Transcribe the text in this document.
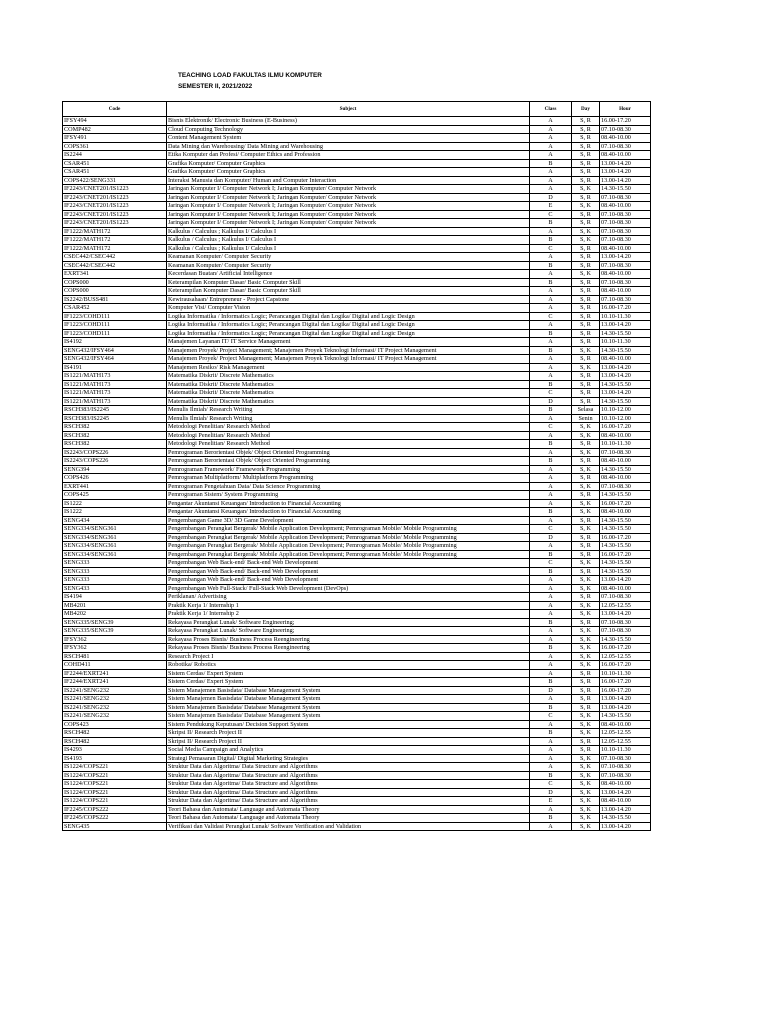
TEACHING LOAD FAKULTAS ILMU KOMPUTER
SEMESTER II, 2021/2022
Code	Subject	Class	Day	Hour
IFSY494	Bisnis Elektronik/ Electronic Business (E-Business)	A	S, R	16.00-17.20
COMP482	Cloud Computing Technology	A	S, R	07.10-08.30
IFSY491	Content Management System	A	S, R	08.40-10.00
COPS361	Data Mining dan Warehousing/ Data Mining and Warehousing	A	S, R	07.10-08.30
IS2244	Etika Komputer dan Profesi/ Computer Ethics and Profession	A	S, R	08.40-10.00
CSAR451	Grafika Komputer/ Computer Graphics	B	S, R	13.00-14.20
CSAR451	Grafika Komputer/ Computer Graphics	A	S, R	13.00-14.20
COPS422/SENG331	Interaksi Manusia dan Komputer/ Human and Computer Interaction	A	S, R	13.00-14.20
IF2243/CNET201/IS1223	Jaringan Komputer I/ Computer Network I; Jaringan Komputer/ Computer Network	A	S, K	14.30-15.50
IF2243/CNET201/IS1223	Jaringan Komputer I/ Computer Network I; Jaringan Komputer/ Computer Network	D	S, R	07.10-08.30
IF2243/CNET201/IS1223	Jaringan Komputer I/ Computer Network I; Jaringan Komputer/ Computer Network	E	S, K	08.40-10.00
IF2243/CNET201/IS1223	Jaringan Komputer I/ Computer Network I; Jaringan Komputer/ Computer Network	C	S, R	07.10-08.30
IF2243/CNET201/IS1223	Jaringan Komputer I/ Computer Network I; Jaringan Komputer/ Computer Network	B	S, R	07.10-08.30
IF1222/MATH172	Kalkulus / Calculus ; Kalkulus I/ Calculus I	A	S, K	07.10-08.30
IF1222/MATH172	Kalkulus / Calculus ; Kalkulus I/ Calculus I	B	S, K	07.10-08.30
IF1222/MATH172	Kalkulus / Calculus ; Kalkulus I/ Calculus I	C	S, R	08.40-10.00
CSEC442/CSEC442	Keamanan Komputer/ Computer Security	A	S, R	13.00-14.20
CSEC442/CSEC442	Keamanan Komputer/ Computer Security	B	S, R	07.10-08.30
EXRT341	Kecerdasan Buatan/ Artificial Intelligence	A	S, K	08.40-10.00
COPS000	Keterampilan Komputer Dasar/ Basic Computer Skill	B	S, R	07.10-08.30
COPS000	Keterampilan Komputer Dasar/ Basic Computer Skill	A	S, R	08.40-10.00
IS2242/BUSS481	Kewirausahaan/ Entrepreneur - Project Capstone	A	S, R	07.10-08.30
CSAR452	Komputer Visi/ Computer Vision	A	S, R	16.00-17.20
IF1223/COHD111	Logika Informatika / Informatics Logic; Perancangan Digital dan Logika/ Digital and Logic Design	C	S, R	10.10-11.30
IF1223/COHD111	Logika Informatika / Informatics Logic; Perancangan Digital dan Logika/ Digital and Logic Design	A	S, R	13.00-14.20
IF1223/COHD111	Logika Informatika / Informatics Logic; Perancangan Digital dan Logika/ Digital and Logic Design	B	S, R	14.30-15.50
IS4192	Manajemen Layanan IT/ IT Service Management	A	S, R	10.10-11.30
SENG432/IFSY464	Manajemen Proyek/ Project Management; Manajemen Proyek Teknologi Informasi/ IT Project Management	B	S, K	14.30-15.50
SENG432/IFSY464	Manajemen Proyek/ Project Management; Manajemen Proyek Teknologi Informasi/ IT Project Management	A	S, R	08.40-10.00
IS4191	Manajemen Resiko/ Risk Management	A	S, K	13.00-14.20
IS1221/MATH173	Matematika Diskrit/ Discrete Mathematics	A	S, R	13.00-14.20
IS1221/MATH173	Matematika Diskrit/ Discrete Mathematics	B	S, R	14.30-15.50
IS1221/MATH173	Matematika Diskrit/ Discrete Mathematics	C	S, R	13.00-14.20
IS1221/MATH173	Matematika Diskrit/ Discrete Mathematics	D	S, R	14.30-15.50
RSCH383/IS2245	Menulis Ilmiah/ Research Writing	B	Selasa	10.10-12.00
RSCH383/IS2245	Menulis Ilmiah/ Research Writing	A	Senin	10.10-12.00
RSCH382	Metodologi Penelitian/ Research Method	C	S, K	16.00-17.20
RSCH382	Metodologi Penelitian/ Research Method	A	S, K	08.40-10.00
RSCH382	Metodologi Penelitian/ Research Method	B	S, R	10.10-11.30
IS2243/COPS226	Pemrograman Berorientasi Objek/ Object Oriented Programming	A	S, K	07.10-08.30
IS2243/COPS226	Pemrograman Berorientasi Objek/ Object Oriented Programming	B	S, R	08.40-10.00
SENG394	Pemrograman Framework/ Framework Programming	A	S, K	14.30-15.50
COPS426	Pemrograman Multiplatform/ Multiplatform Programming	A	S, R	08.40-10.00
EXRT441	Pemrograman Pengetahuan Data/ Data Science Programming	A	S, K	07.10-08.30
COPS425	Pemrograman Sistem/ System Programming	A	S, R	14.30-15.50
IS1222	Pengantar Akuntansi Keuangan/ Introduction to Financial Accounting	A	S, K	16.00-17.20
IS1222	Pengantar Akuntansi Keuangan/ Introduction to Financial Accounting	B	S, K	08.40-10.00
SENG434	Pengembangan Game 3D/ 3D Game Development	A	S, R	14.30-15.50
SENG334/SENG361	Pengembangan Perangkat Bergerak/ Mobile Application Development; Pemrograman Mobile/ Mobile Programming	C	S, K	14.30-15.50
SENG334/SENG361	Pengembangan Perangkat Bergerak/ Mobile Application Development; Pemrograman Mobile/ Mobile Programming	D	S, R	16.00-17.20
SENG334/SENG361	Pengembangan Perangkat Bergerak/ Mobile Application Development; Pemrograman Mobile/ Mobile Programming	A	S, R	14.30-15.50
SENG334/SENG361	Pengembangan Perangkat Bergerak/ Mobile Application Development; Pemrograman Mobile/ Mobile Programming	B	S, R	16.00-17.20
SENG333	Pengembangan Web Back-end/ Back-end Web Development	C	S, K	14.30-15.50
SENG333	Pengembangan Web Back-end/ Back-end Web Development	B	S, R	14.30-15.50
SENG333	Pengembangan Web Back-end/ Back-end Web Development	A	S, K	13.00-14.20
SENG433	Pengembangan Web Full-Stack/ Full-Stack Web Development (DevOps)	A	S, K	08.40-10.00
IS4194	Periklanan/ Advertising	A	S, R	07.10-08.30
MB4201	Praktik Kerja 1/ Internship 1	A	S, K	12.05-12.55
MB4202	Praktik Kerja 1/ Internship 2	A	S, K	13.00-14.20
SENG335/SENG39	Rekayasa Perangkat Lunak/ Software Engineering;	B	S, R	07.10-08.30
SENG335/SENG39	Rekayasa Perangkat Lunak/ Software Engineering;	A	S, K	07.10-08.30
IFSY362	Rekayasa Proses Bisnis/ Business Process Reengineering	A	S, K	14.30-15.50
IFSY362	Rekayasa Proses Bisnis/ Business Process Reengineering	B	S, K	16.00-17.20
RSCH481	Research Project I	A	S, K	12.05-12.55
COHD411	Robotika/ Robotics	A	S, K	16.00-17.20
IF2244/EXRT241	Sistem Cerdas/ Expert System	A	S, R	10.10-11.30
IF2244/EXRT241	Sistem Cerdas/ Expert System	B	S, R	16.00-17.20
IS2241/SENG232	Sistem Manajemen Basisdata/ Database Management System	D	S, R	16.00-17.20
IS2241/SENG232	Sistem Manajemen Basisdata/ Database Management System	A	S, R	13.00-14.20
IS2241/SENG232	Sistem Manajemen Basisdata/ Database Management System	B	S, R	13.00-14.20
IS2241/SENG232	Sistem Manajemen Basisdata/ Database Management System	C	S, K	14.30-15.50
COPS423	Sistem Pendukung Keputusan/ Decision Support System	A	S, K	08.40-10.00
RSCH482	Skripsi II/ Research Project II	B	S, K	12.05-12.55
RSCH482	Skripsi II/ Research Project II	A	S, R	12.05-12.55
IS4293	Social Media Campaign and Analytics	A	S, R	10.10-11.30
IS4193	Strategi Pemasaran Digital/ Digital Marketing Strategies	A	S, K	07.10-08.30
IS1224/COPS221	Struktur Data dan Algoritma/ Data Structure and Algorithms	A	S, K	07.10-08.30
IS1224/COPS221	Struktur Data dan Algoritma/ Data Structure and Algorithms	B	S, K	07.10-08.30
IS1224/COPS221	Struktur Data dan Algoritma/ Data Structure and Algorithms	C	S, K	08.40-10.00
IS1224/COPS221	Struktur Data dan Algoritma/ Data Structure and Algorithms	D	S, K	13.00-14.20
IS1224/COPS221	Struktur Data dan Algoritma/ Data Structure and Algorithms	E	S, K	08.40-10.00
IF2245/COPS222	Teori Bahasa dan Automata/ Language and Automata Theory	A	S, K	13.00-14.20
IF2245/COPS222	Teori Bahasa dan Automata/ Language and Automata Theory	B	S, K	14.30-15.50
SENG435	Verifikasi dan Validasi Perangkat Lunak/ Software Verification and Validation	A	S, K	13.00-14.20
